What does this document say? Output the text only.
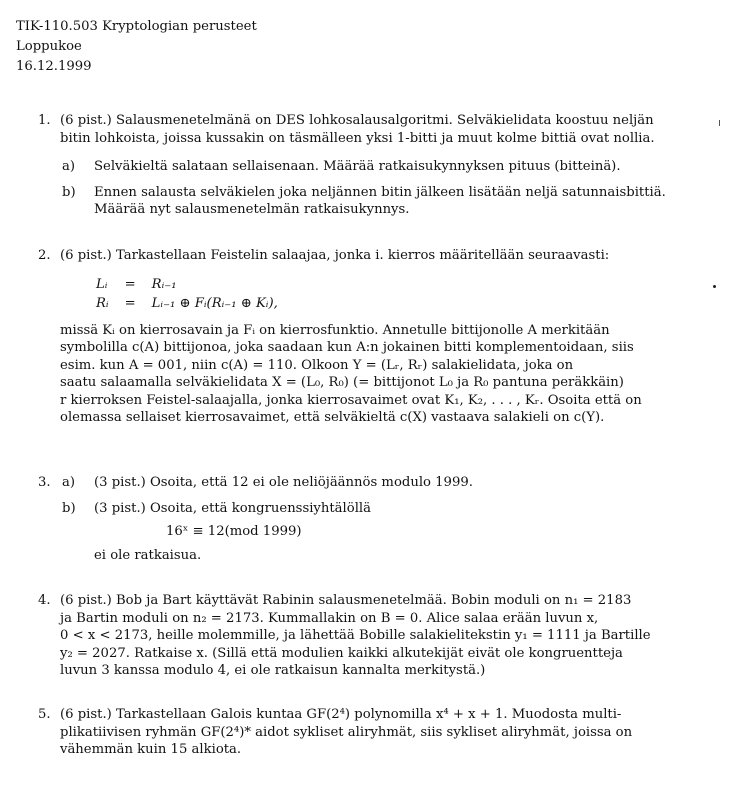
TIK-110.503 Kryptologian perusteet
Loppukoe
16.12.1999
1. (6 pist.) Salausmenetelmänä on DES lohkosalausalgoritmi. Selväkielidata koostuu neljän
bitin lohkoista, joissa kussakin on täsmälleen yksi 1-bitti ja muut kolme bittiä ovat nollia.
a) Selväkieltä salataan sellaisenaan. Määrää ratkaisukynnyksen pituus (bitteinä).
b) Ennen salausta selväkielen joka neljännen bitin jälkeen lisätään neljä satunnaisbittiä.
Määrää nyt salausmenetelmän ratkaisukynnys.
2. (6 pist.) Tarkastellaan Feistelin salaajaa, jonka i. kierros määritellään seuraavasti:
Lᵢ	=	Rᵢ₋₁
Rᵢ	=	Lᵢ₋₁ ⊕ Fᵢ(Rᵢ₋₁ ⊕ Kᵢ),
missä Kᵢ on kierrosavain ja Fᵢ on kierrosfunktio. Annetulle bittijonolle A merkitään
symbolilla c(A) bittijonoa, joka saadaan kun A:n jokainen bitti komplementoidaan, siis
esim. kun A = 001, niin c(A) = 110. Olkoon Y = (Lᵣ, Rᵣ) salakielidata, joka on
saatu salaamalla selväkielidata X = (L₀, R₀) (= bittijonot L₀ ja R₀ pantuna peräkkäin)
r kierroksen Feistel-salaajalla, jonka kierrosavaimet ovat K₁, K₂, . . . , Kᵣ. Osoita että on
olemassa sellaiset kierrosavaimet, että selväkieltä c(X) vastaava salakieli on c(Y).
3. a) (3 pist.) Osoita, että 12 ei ole neliöjäännös modulo 1999.
b) (3 pist.) Osoita, että kongruenssiyhtälöllä
16ˣ ≡ 12(mod 1999)
ei ole ratkaisua.
4. (6 pist.) Bob ja Bart käyttävät Rabinin salausmenetelmää. Bobin moduli on n₁ = 2183
ja Bartin moduli on n₂ = 2173. Kummallakin on B = 0. Alice salaa erään luvun x,
0 < x < 2173, heille molemmille, ja lähettää Bobille salakielitekstin y₁ = 1111 ja Bartille
y₂ = 2027. Ratkaise x. (Sillä että modulien kaikki alkutekijät eivät ole kongruentteja
luvun 3 kanssa modulo 4, ei ole ratkaisun kannalta merkitystä.)
5. (6 pist.) Tarkastellaan Galois kuntaa GF(2⁴) polynomilla x⁴ + x + 1. Muodosta multi-
plikatiivisen ryhmän GF(2⁴)* aidot sykliset aliryhmät, siis sykliset aliryhmät, joissa on
vähemmän kuin 15 alkiota.
